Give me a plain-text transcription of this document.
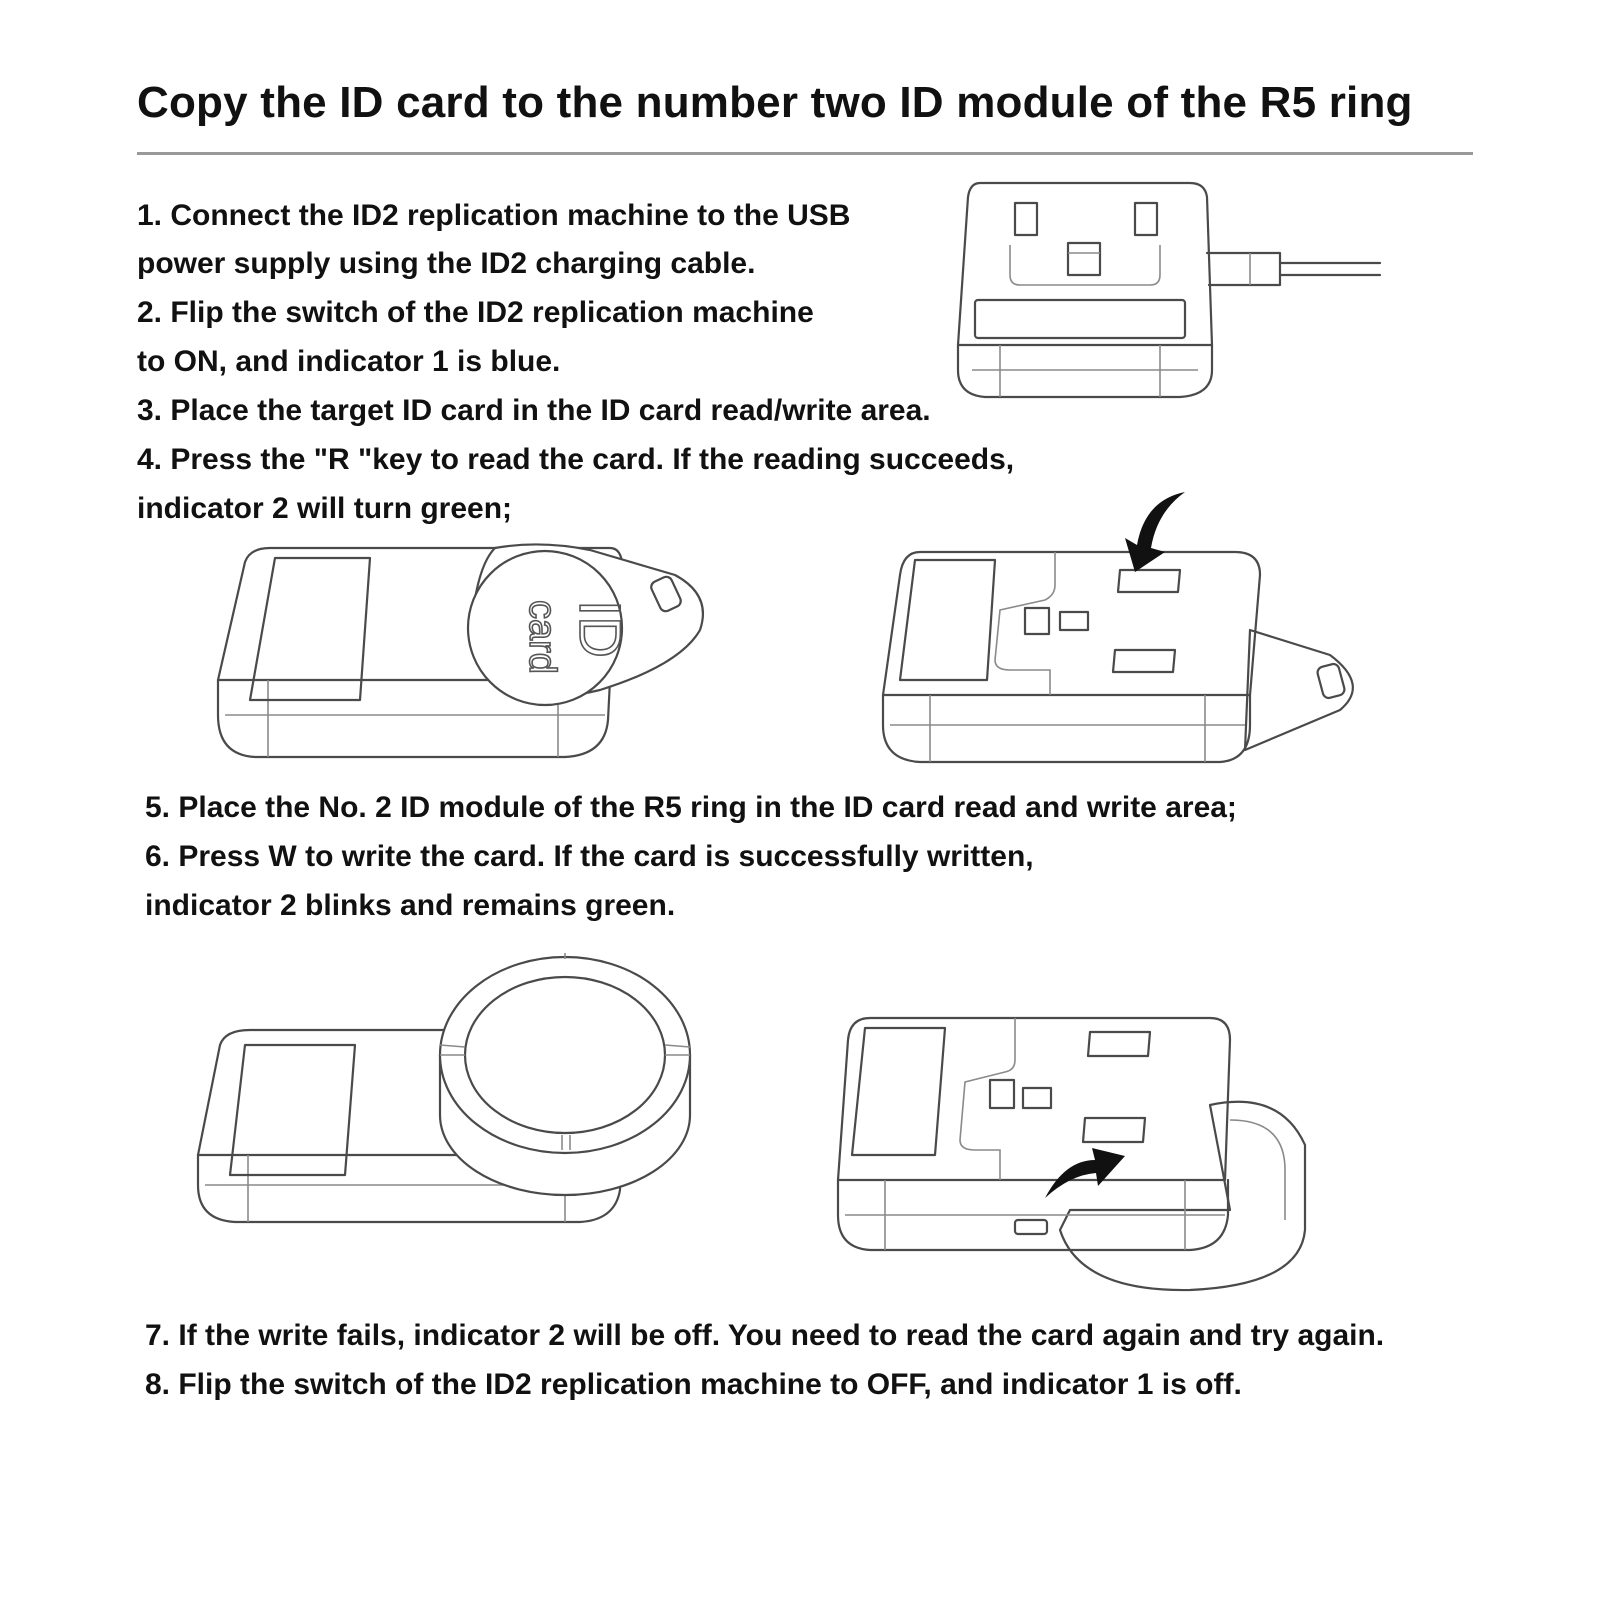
Copy the ID card to the number two ID module of the R5 ring
1. Connect the ID2 replication machine to the USB
power supply using the ID2 charging cable.
2. Flip the switch of the ID2 replication machine
to ON, and indicator 1 is blue.
3. Place the target ID card in the ID card read/write area.
4. Press the "R "key to read the card. If the reading succeeds,
indicator 2 will turn green;
5. Place the No. 2 ID module of the R5 ring in the ID card read and write area;
6. Press W to write the card. If the card is successfully written,
indicator 2 blinks and remains green.
7. If the write fails, indicator 2 will be off. You need to read the card again and try again.
8. Flip the switch of the ID2 replication machine to OFF, and indicator 1 is off.
ID
card
